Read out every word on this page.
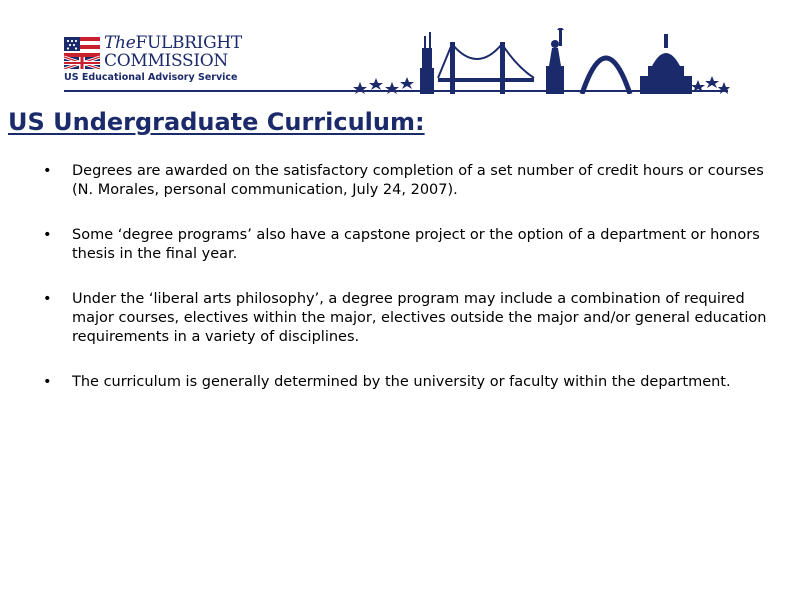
TheFULBRIGHT
COMMISSION
US Educational Advisory Service
US Undergraduate Curriculum:
• Degrees are awarded on the satisfactory completion of a set number of credit hours or courses (N. Morales, personal communication, July 24, 2007).
• Some ‘degree programs’ also have a capstone project or the option of a department or honors thesis in the final year.
• Under the ‘liberal arts philosophy’, a degree program may include a combination of required major courses, electives within the major, electives outside the major and/or general education requirements in a variety of disciplines.
• The curriculum is generally determined by the university or faculty within the department.
